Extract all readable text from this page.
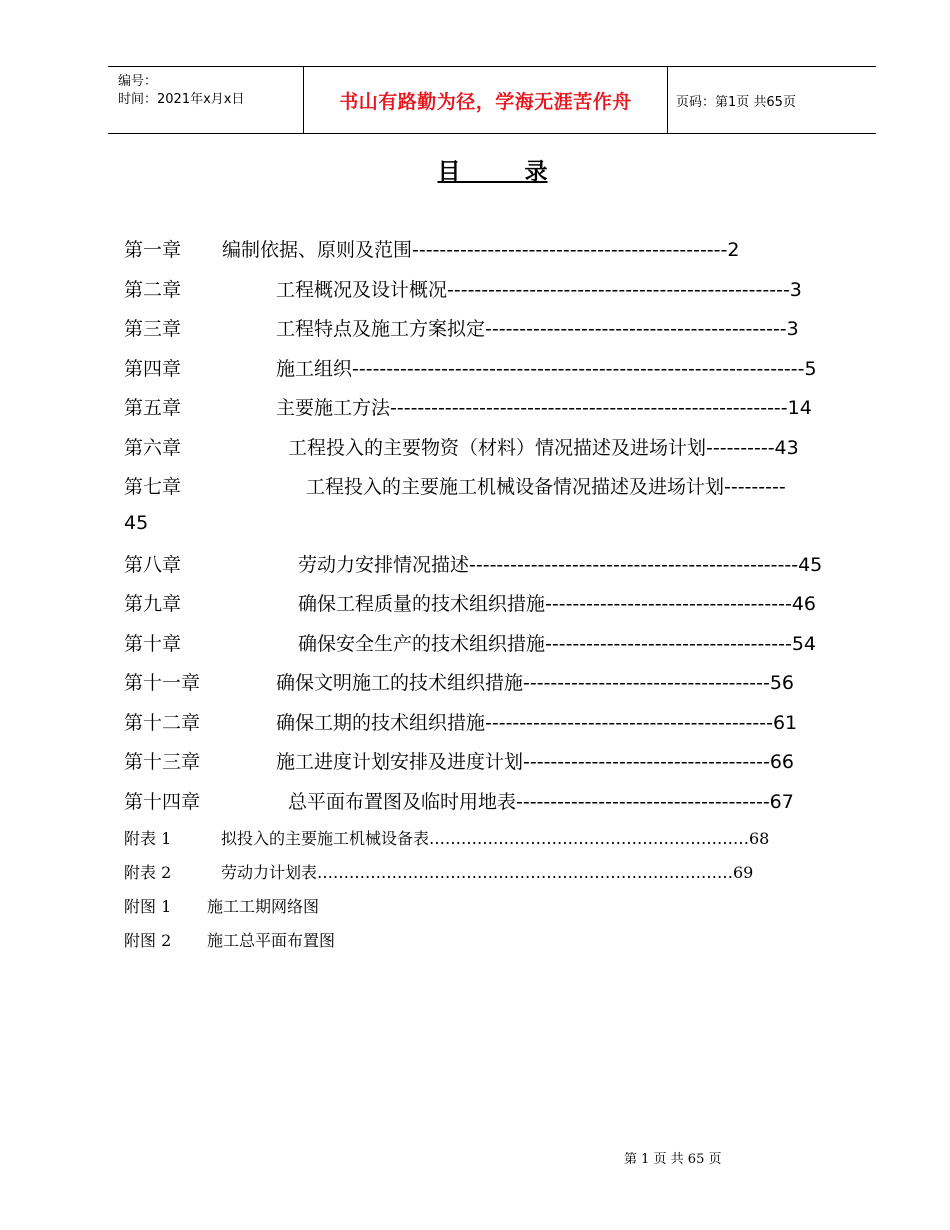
编号：
时间：2021年x月x日	书山有路勤为径，学海无涯苦作舟	页码：第1页 共65页
目        录
第一章 编制依据、原则及范围----------------------------------------------2
第二章	工程概况及设计概况--------------------------------------------------3
第三章	工程特点及施工方案拟定--------------------------------------------3
第四章	施工组织------------------------------------------------------------------5
第五章	主要施工方法----------------------------------------------------------14
第六章	工程投入的主要物资（材料）情况描述及进场计划----------43
第七章	工程投入的主要施工机械设备情况描述及进场计划---------
45
第八章	劳动力安排情况描述------------------------------------------------45
第九章	确保工程质量的技术组织措施------------------------------------46
第十章	确保安全生产的技术组织措施------------------------------------54
第十一章	确保文明施工的技术组织措施------------------------------------56
第十二章	确保工期的技术组织措施------------------------------------------61
第十三章	施工进度计划安排及进度计划------------------------------------66
第十四章	总平面布置图及临时用地表-------------------------------------67
附表 1	拟投入的主要施工机械设备表……………………………………………………68
附表 2	劳动力计划表……………………………………………………………………69
附图 1 施工工期网络图
附图 2 施工总平面布置图
第 1 页 共 65 页
